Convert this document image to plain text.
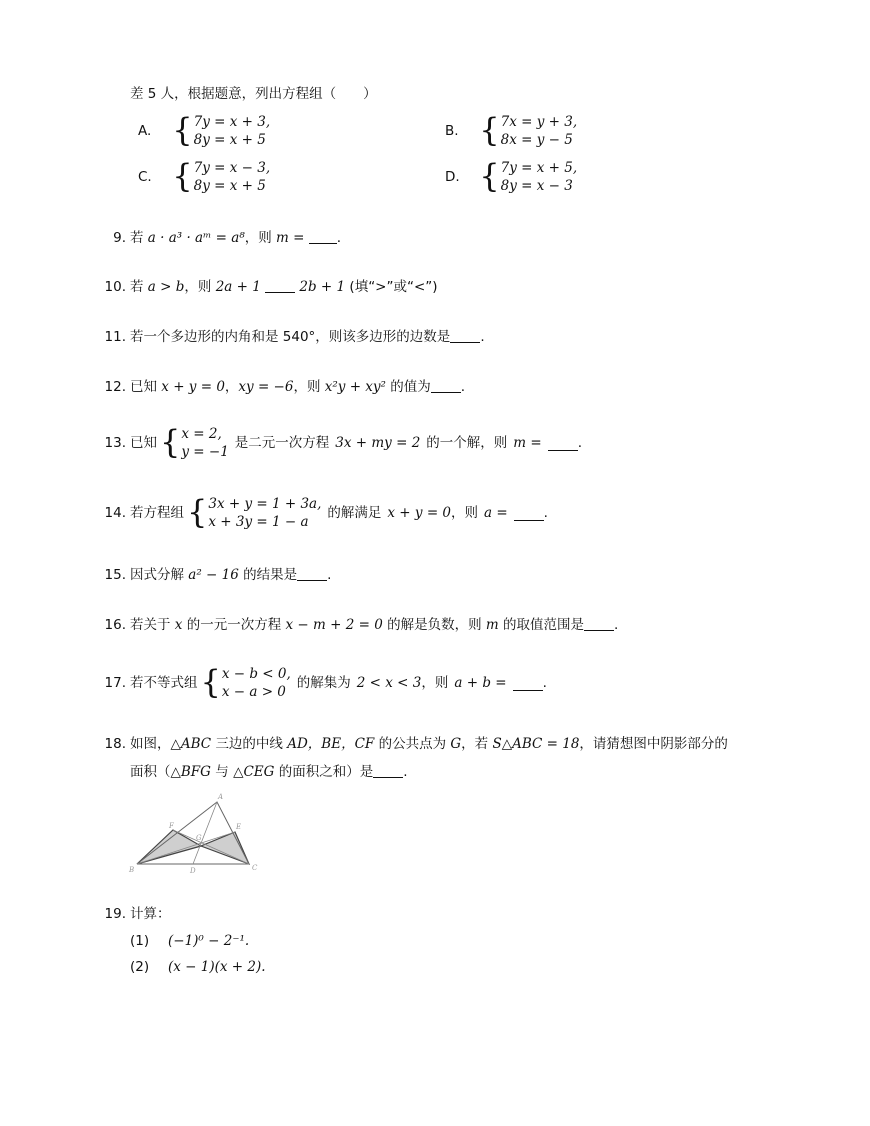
差 5 人，根据题意，列出方程组（　　）
A. { 7y = x + 3,
8y = x + 5
B. { 7x = y + 3,
8x = y − 5
C. { 7y = x − 3,
8y = x + 5
D. { 7y = x + 5,
8y = x − 3
9. 若 a · a³ · aᵐ = a⁸，则 m = .
10. 若 a > b，则 2a + 1	2b + 1 (填“>”或“<”)
11. 若一个多边形的内角和是 540°，则该多边形的边数是 .
12. 已知 x + y = 0，xy = −6，则 x²y + xy² 的值为 .
13. 已知 { x = 2,
y = −1
是二元一次方程 3x + my = 2 的一个解，则 m =	.
14. 若方程组 { 3x + y = 1 + 3a,
x + 3y = 1 − a
的解满足 x + y = 0 ，则 a =	.
15. 因式分解 a² − 16 的结果是 .
16. 若关于 x 的一元一次方程 x − m + 2 = 0 的解是负数，则 m 的取值范围是 .
17. 若不等式组 { x − b < 0,
x − a > 0
的解集为 2 < x < 3 ，则 a + b =	.
18. 如图，△ABC 三边的中线 AD，BE，CF 的公共点为 G，若 S△ABC = 18，请猜想图中阴影部分的
面积（△BFG 与 △CEG 的面积之和）是 .
A
F	E
G
B	D	C
19. 计算：
(1) (−1)⁰ − 2⁻¹.
(2) (x − 1)(x + 2).
